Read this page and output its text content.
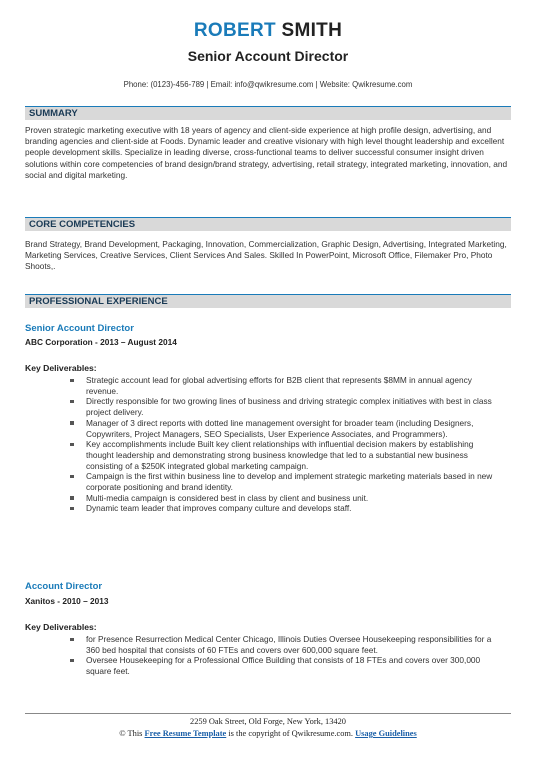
ROBERT SMITH
Senior Account Director
Phone: (0123)-456-789 | Email: info@qwikresume.com | Website: Qwikresume.com
SUMMARY
Proven strategic marketing executive with 18 years of agency and client-side experience at high profile design, advertising, and branding agencies and client-side at Foods. Dynamic leader and creative visionary with high level thought leadership and excellent people development skills. Specialize in leading diverse, cross-functional teams to deliver successful consumer insight driven solutions within core competencies of brand design/brand strategy, advertising, retail strategy, integrated marketing, innovation, and social and digital marketing.
CORE COMPETENCIES
Brand Strategy, Brand Development, Packaging, Innovation, Commercialization, Graphic Design, Advertising, Integrated Marketing, Marketing Services, Creative Services, Client Services And Sales. Skilled In PowerPoint, Microsoft Office, Filemaker Pro, Photo Shoots,.
PROFESSIONAL EXPERIENCE
Senior Account Director
ABC Corporation - 2013 – August 2014
Key Deliverables:
Strategic account lead for global advertising efforts for B2B client that represents $8MM in annual agency revenue.
Directly responsible for two growing lines of business and driving strategic complex initiatives with best in class project delivery.
Manager of 3 direct reports with dotted line management oversight for broader team (including Designers, Copywriters, Project Managers, SEO Specialists, User Experience Associates, and Programmers).
Key accomplishments include Built key client relationships with influential decision makers by establishing thought leadership and demonstrating strong business knowledge that led to a substantial new business consisting of a $250K integrated global marketing campaign.
Campaign is the first within business line to develop and implement strategic marketing materials based in new corporate positioning and brand identity.
Multi-media campaign is considered best in class by client and business unit.
Dynamic team leader that improves company culture and develops staff.
Account Director
Xanitos - 2010 – 2013
Key Deliverables:
for Presence Resurrection Medical Center Chicago, Illinois Duties Oversee Housekeeping responsibilities for a 360 bed hospital that consists of 60 FTEs and covers over 600,000 square feet.
Oversee Housekeeping for a Professional Office Building that consists of 18 FTEs and covers over 300,000 square feet.
2259 Oak Street, Old Forge, New York, 13420
© This Free Resume Template is the copyright of Qwikresume.com. Usage Guidelines
